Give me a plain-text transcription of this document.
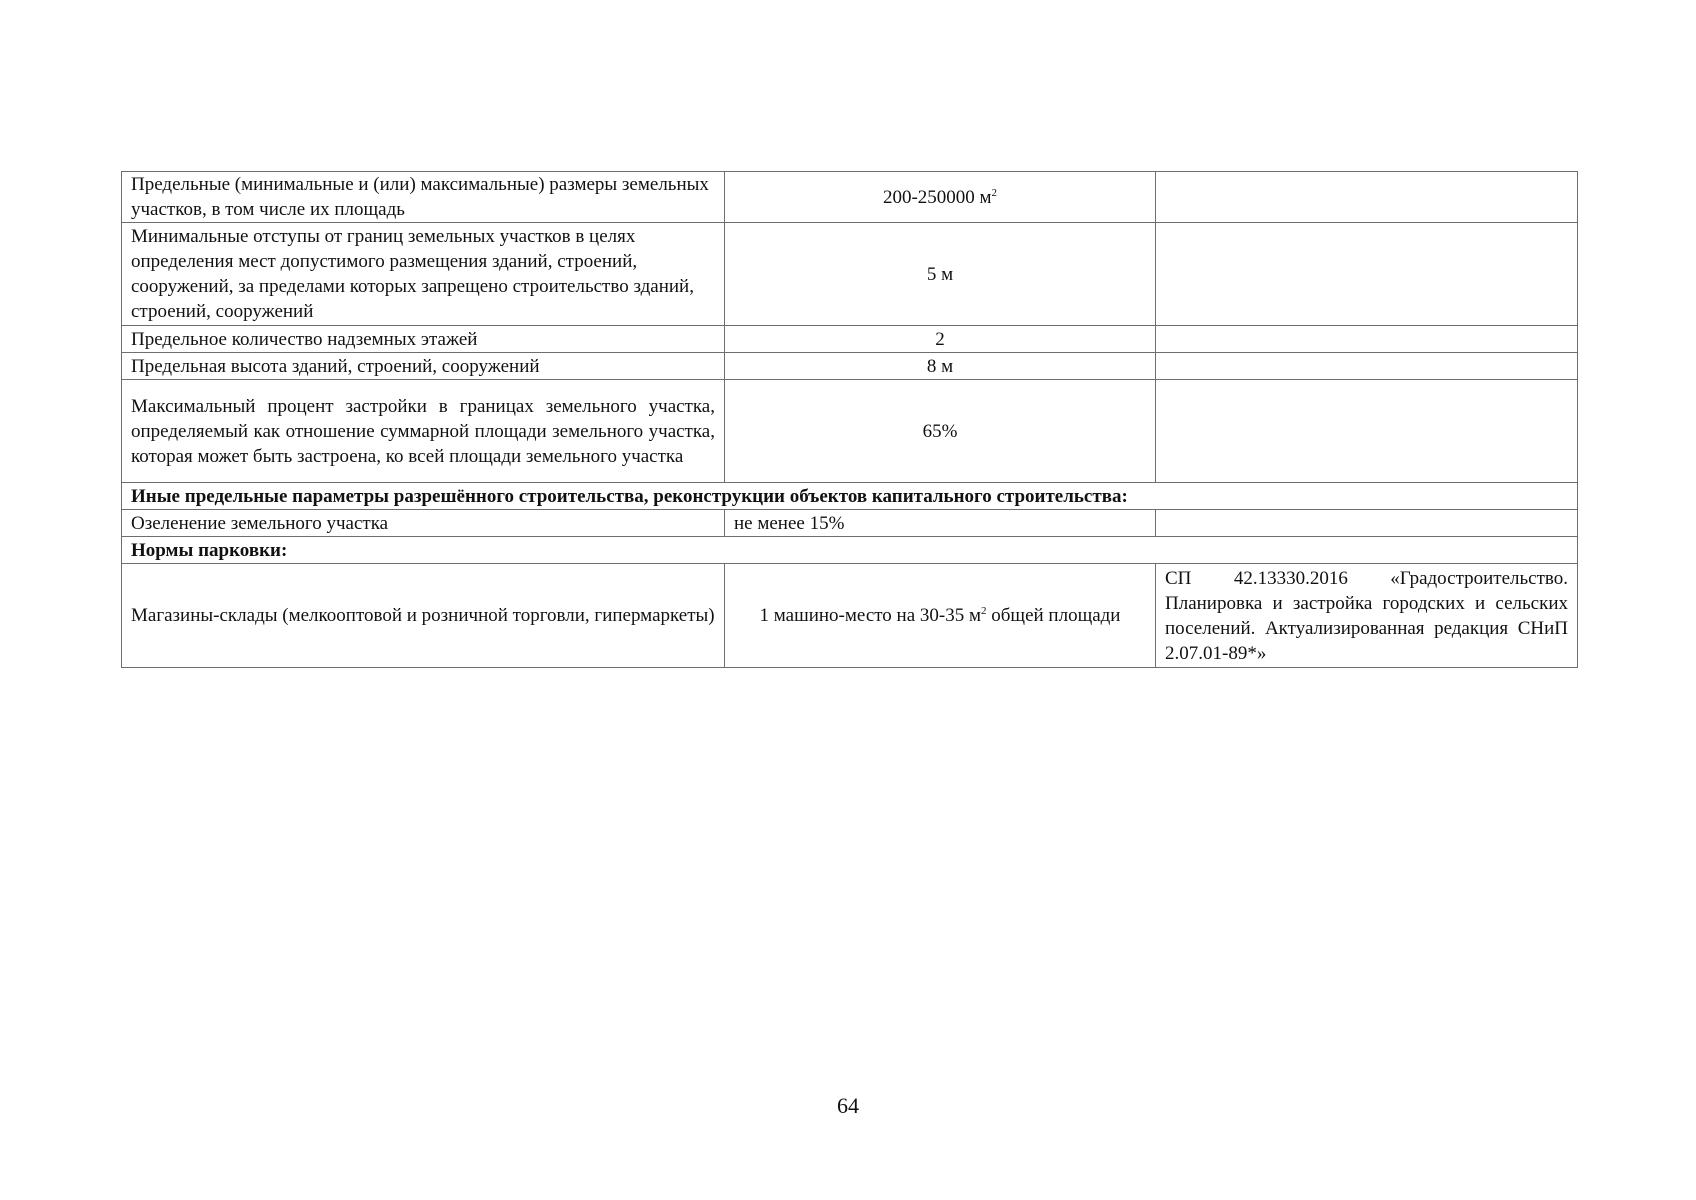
Предельные (минимальные и (или) максимальные) размеры земельных участков, в том числе их площадь	200-250000 $м^2$	
Минимальные отступы от границ земельных участков в целях определения мест допустимого размещения зданий, строений, сооружений, за пределами которых запрещено строительство зданий, строений, сооружений	5 м	
Предельное количество надземных этажей	2	
Предельная высота зданий, строений, сооружений	8 м	
Максимальный процент застройки в границах земельного участка, определяемый как отношение суммарной площади земельного участка, которая может быть застроена, ко всей площади земельного участка	65%	
Иные предельные параметры разрешённого строительства, реконструкции объектов капитального строительства:		
Озеленение земельного участка	не менее 15%	
Нормы парковки:		
Магазины-склады (мелкооптовой и розничной торговли, гипермаркеты)	1 машино-место на 30-35 $м^2$ общей площади	СП 42.13330.2016 «Градостроительство. Планировка и застройка городских и сельских поселений. Актуализированная редакция СНиП 2.07.01-89*»
64
